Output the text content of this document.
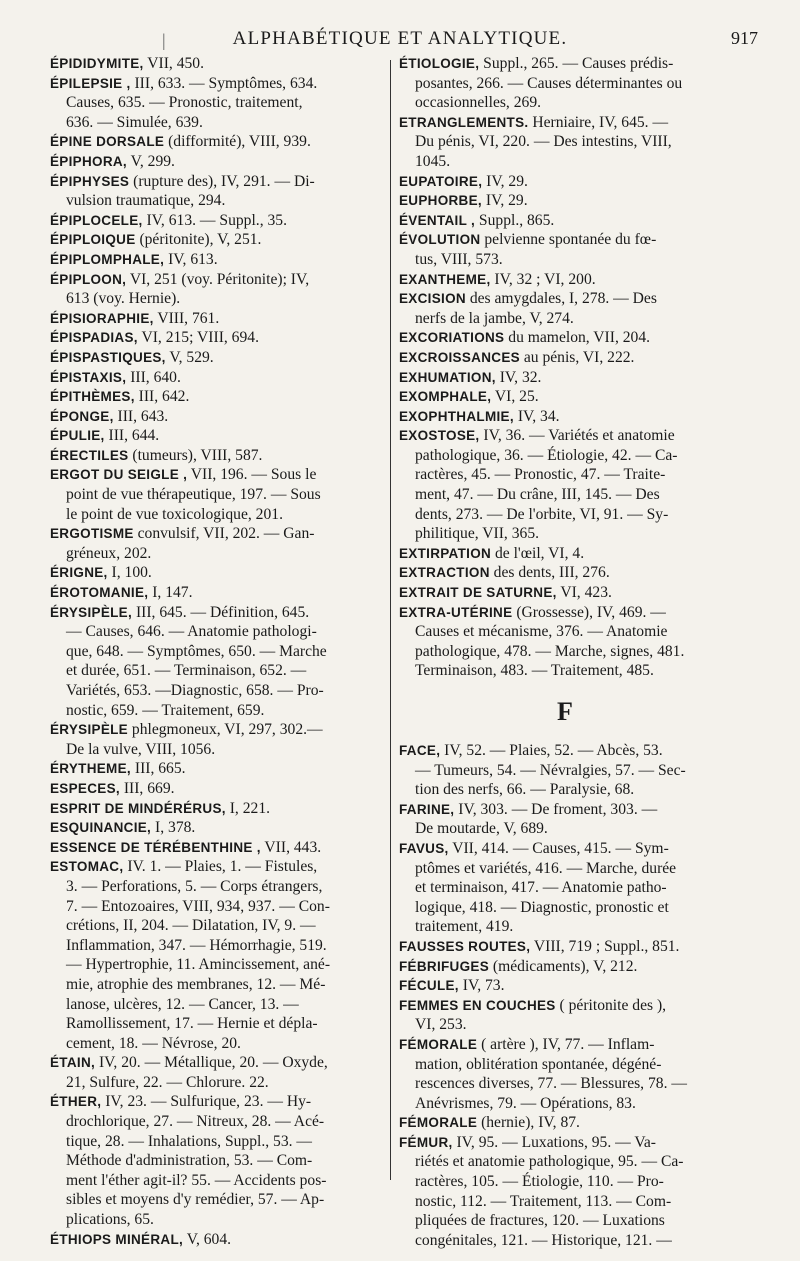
|	ALPHABÉTIQUE ET ANALYTIQUE.	917
ÉPIDIDYMITE, VII, 450.
ÉPILEPSIE , III, 633. — Symptômes, 634.
Causes, 635. — Pronostic, traitement,
636. — Simulée, 639.
ÉPINE DORSALE (difformité), VIII, 939.
ÉPIPHORA, V, 299.
ÉPIPHYSES (rupture des), IV, 291. — Di-
vulsion traumatique, 294.
ÉPIPLOCELE, IV, 613. — Suppl., 35.
ÉPIPLOIQUE (péritonite), V, 251.
ÉPIPLOMPHALE, IV, 613.
ÉPIPLOON, VI, 251 (voy. Péritonite); IV,
613 (voy. Hernie).
ÉPISIORAPHIE, VIII, 761.
ÉPISPADIAS, VI, 215; VIII, 694.
ÉPISPASTIQUES, V, 529.
ÉPISTAXIS, III, 640.
ÉPITHÈMES, III, 642.
ÉPONGE, III, 643.
ÉPULIE, III, 644.
ÉRECTILES (tumeurs), VIII, 587.
ERGOT DU SEIGLE , VII, 196. — Sous le
point de vue thérapeutique, 197. — Sous
le point de vue toxicologique, 201.
ERGOTISME convulsif, VII, 202. — Gan-
gréneux, 202.
ÉRIGNE, I, 100.
ÉROTOMANIE, I, 147.
ÉRYSIPÈLE, III, 645. — Définition, 645.
— Causes, 646. — Anatomie pathologi-
que, 648. — Symptômes, 650. — Marche
et durée, 651. — Terminaison, 652. —
Variétés, 653. —Diagnostic, 658. — Pro-
nostic, 659. — Traitement, 659.
ÉRYSIPÈLE phlegmoneux, VI, 297, 302.—
De la vulve, VIII, 1056.
ÉRYTHEME, III, 665.
ESPECES, III, 669.
ESPRIT DE MINDÉRÉRUS, I, 221.
ESQUINANCIE, I, 378.
ESSENCE DE TÉRÉBENTHINE , VII, 443.
ESTOMAC, IV. 1. — Plaies, 1. — Fistules,
3. — Perforations, 5. — Corps étrangers,
7. — Entozoaires, VIII, 934, 937. — Con-
crétions, II, 204. — Dilatation, IV, 9. —
Inflammation, 347. — Hémorrhagie, 519.
— Hypertrophie, 11. Amincissement, ané-
mie, atrophie des membranes, 12. — Mé-
lanose, ulcères, 12. — Cancer, 13. —
Ramollissement, 17. — Hernie et dépla-
cement, 18. — Névrose, 20.
ÉTAIN, IV, 20. — Métallique, 20. — Oxyde,
21, Sulfure, 22. — Chlorure. 22.
ÉTHER, IV, 23. — Sulfurique, 23. — Hy-
drochlorique, 27. — Nitreux, 28. — Acé-
tique, 28. — Inhalations, Suppl., 53. —
Méthode d'administration, 53. — Com-
ment l'éther agit-il? 55. — Accidents pos-
sibles et moyens d'y remédier, 57. — Ap-
plications, 65.
ÉTHIOPS MINÉRAL, V, 604.
ÉTIOLOGIE, Suppl., 265. — Causes prédis-
posantes, 266. — Causes déterminantes ou
occasionnelles, 269.
ETRANGLEMENTS. Herniaire, IV, 645. —
Du pénis, VI, 220. — Des intestins, VIII,
1045.
EUPATOIRE, IV, 29.
EUPHORBE, IV, 29.
ÉVENTAIL , Suppl., 865.
ÉVOLUTION pelvienne spontanée du fœ-
tus, VIII, 573.
EXANTHEME, IV, 32 ; VI, 200.
EXCISION des amygdales, I, 278. — Des
nerfs de la jambe, V, 274.
EXCORIATIONS du mamelon, VII, 204.
EXCROISSANCES au pénis, VI, 222.
EXHUMATION, IV, 32.
EXOMPHALE, VI, 25.
EXOPHTHALMIE, IV, 34.
EXOSTOSE, IV, 36. — Variétés et anatomie
pathologique, 36. — Étiologie, 42. — Ca-
ractères, 45. — Pronostic, 47. — Traite-
ment, 47. — Du crâne, III, 145. — Des
dents, 273. — De l'orbite, VI, 91. — Sy-
philitique, VII, 365.
EXTIRPATION de l'œil, VI, 4.
EXTRACTION des dents, III, 276.
EXTRAIT DE SATURNE, VI, 423.
EXTRA-UTÉRINE (Grossesse), IV, 469. —
Causes et mécanisme, 376. — Anatomie
pathologique, 478. — Marche, signes, 481.
Terminaison, 483. — Traitement, 485.
F
FACE, IV, 52. — Plaies, 52. — Abcès, 53.
— Tumeurs, 54. — Névralgies, 57. — Sec-
tion des nerfs, 66. — Paralysie, 68.
FARINE, IV, 303. — De froment, 303. —
De moutarde, V, 689.
FAVUS, VII, 414. — Causes, 415. — Sym-
ptômes et variétés, 416. — Marche, durée
et terminaison, 417. — Anatomie patho-
logique, 418. — Diagnostic, pronostic et
traitement, 419.
FAUSSES ROUTES, VIII, 719 ; Suppl., 851.
FÉBRIFUGES (médicaments), V, 212.
FÉCULE, IV, 73.
FEMMES EN COUCHES ( péritonite des ),
VI, 253.
FÉMORALE ( artère ), IV, 77. — Inflam-
mation, oblitération spontanée, dégéné-
rescences diverses, 77. — Blessures, 78. —
Anévrismes, 79. — Opérations, 83.
FÉMORALE (hernie), IV, 87.
FÉMUR, IV, 95. — Luxations, 95. — Va-
riétés et anatomie pathologique, 95. — Ca-
ractères, 105. — Étiologie, 110. — Pro-
nostic, 112. — Traitement, 113. — Com-
pliquées de fractures, 120. — Luxations
congénitales, 121. — Historique, 121. —
